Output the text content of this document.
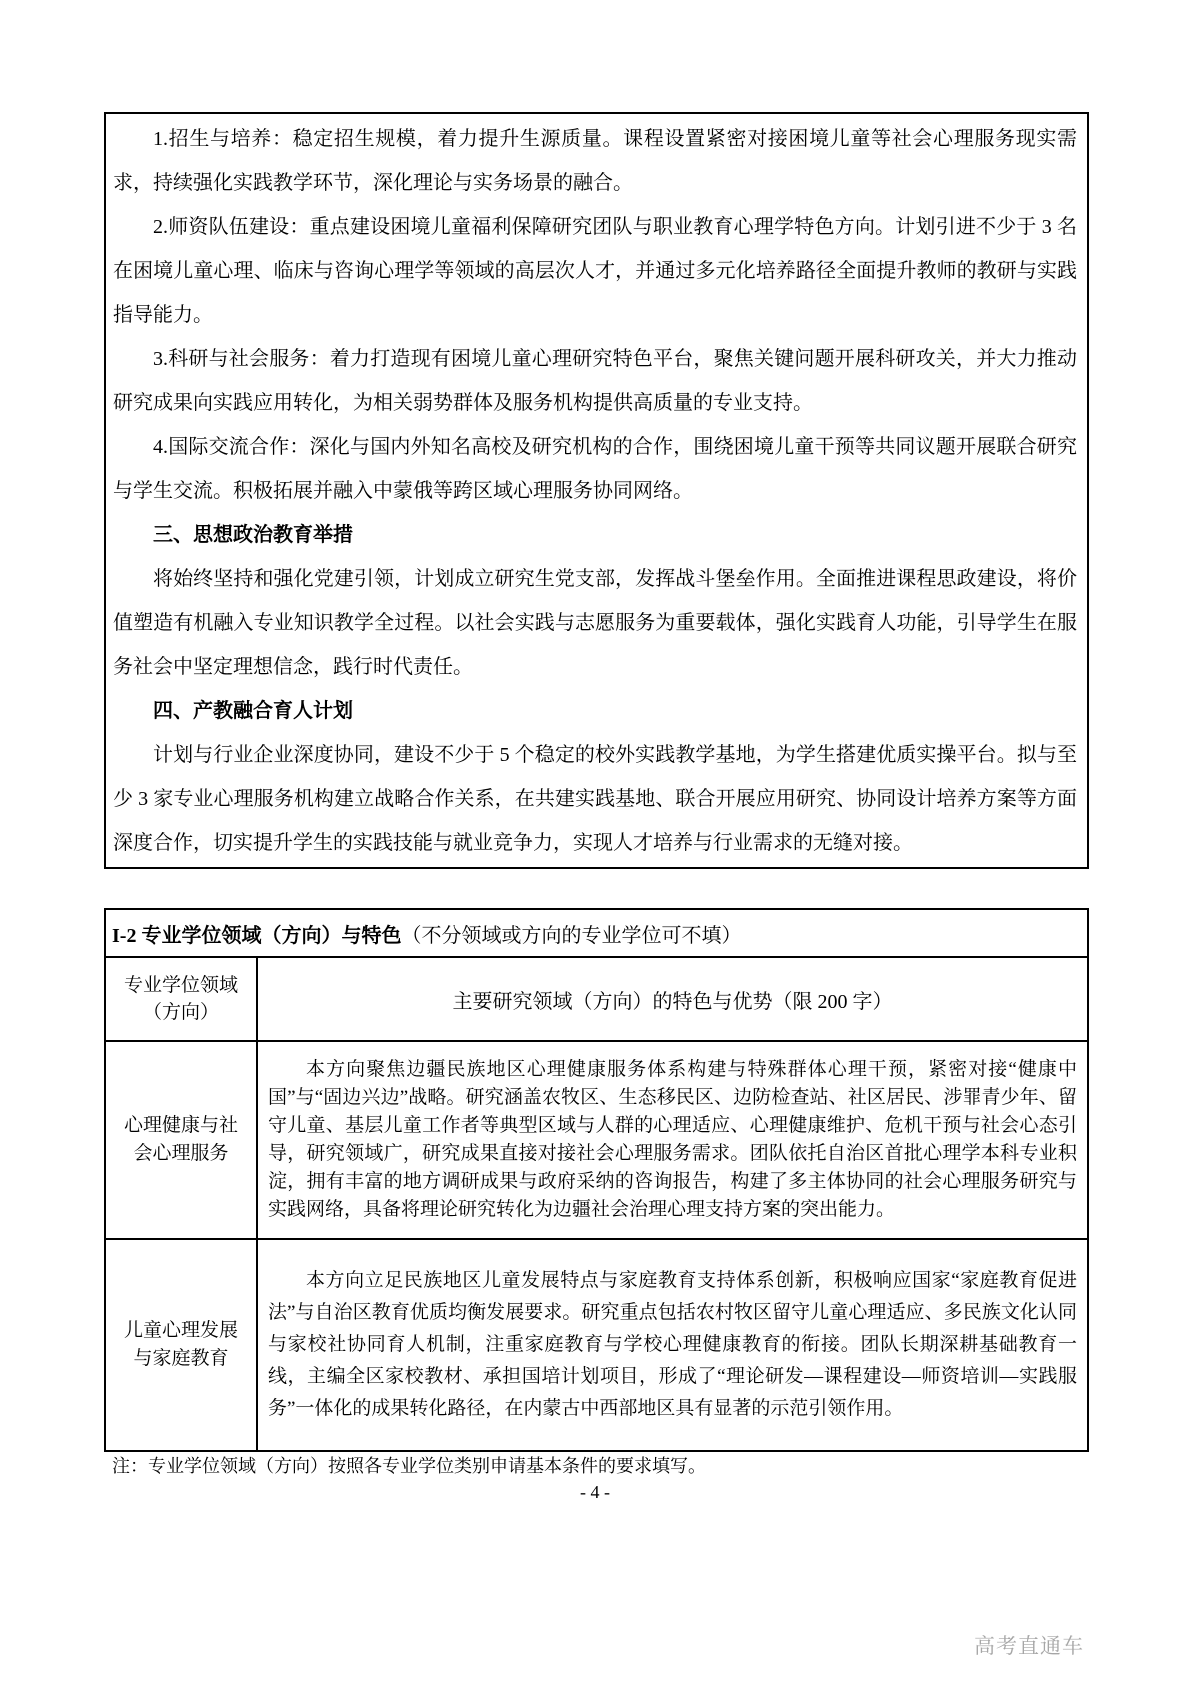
1.招生与培养：稳定招生规模，着力提升生源质量。课程设置紧密对接困境儿童等社会心理服务现实需求，持续强化实践教学环节，深化理论与实务场景的融合。

2.师资队伍建设：重点建设困境儿童福利保障研究团队与职业教育心理学特色方向。计划引进不少于 3 名在困境儿童心理、临床与咨询心理学等领域的高层次人才，并通过多元化培养路径全面提升教师的教研与实践指导能力。

3.科研与社会服务：着力打造现有困境儿童心理研究特色平台，聚焦关键问题开展科研攻关，并大力推动研究成果向实践应用转化，为相关弱势群体及服务机构提供高质量的专业支持。

4.国际交流合作：深化与国内外知名高校及研究机构的合作，围绕困境儿童干预等共同议题开展联合研究与学生交流。积极拓展并融入中蒙俄等跨区域心理服务协同网络。

三、思想政治教育举措

将始终坚持和强化党建引领，计划成立研究生党支部，发挥战斗堡垒作用。全面推进课程思政建设，将价值塑造有机融入专业知识教学全过程。以社会实践与志愿服务为重要载体，强化实践育人功能，引导学生在服务社会中坚定理想信念，践行时代责任。

四、产教融合育人计划

计划与行业企业深度协同，建设不少于 5 个稳定的校外实践教学基地，为学生搭建优质实操平台。拟与至少 3 家专业心理服务机构建立战略合作关系，在共建实践基地、联合开展应用研究、协同设计培养方案等方面深度合作，切实提升学生的实践技能与就业竞争力，实现人才培养与行业需求的无缝对接。

I-2 专业学位领域（方向）与特色（不分领域或方向的专业学位可不填）	
专业学位领域（方向）	主要研究领域（方向）的特色与优势（限 200 字）
心理健康与社会心理服务	本方向聚焦边疆民族地区心理健康服务体系构建与特殊群体心理干预，紧密对接“健康中国”与“固边兴边”战略。研究涵盖农牧区、生态移民区、边防检查站、社区居民、涉罪青少年、留守儿童、基层儿童工作者等典型区域与人群的心理适应、心理健康维护、危机干预与社会心态引导，研究领域广，研究成果直接对接社会心理服务需求。团队依托自治区首批心理学本科专业积淀，拥有丰富的地方调研成果与政府采纳的咨询报告，构建了多主体协同的社会心理服务研究与实践网络，具备将理论研究转化为边疆社会治理心理支持方案的突出能力。

儿童心理发展与家庭教育	本方向立足民族地区儿童发展特点与家庭教育支持体系创新，积极响应国家“家庭教育促进法”与自治区教育优质均衡发展要求。研究重点包括农村牧区留守儿童心理适应、多民族文化认同与家校社协同育人机制，注重家庭教育与学校心理健康教育的衔接。团队长期深耕基础教育一线，主编全区家校教材、承担国培计划项目，形成了“理论研发—课程建设—师资培训—实践服务”一体化的成果转化路径，在内蒙古中西部地区具有显著的示范引领作用。

注：专业学位领域（方向）按照各专业学位类别申请基本条件的要求填写。

- 4 -

高考直通车
